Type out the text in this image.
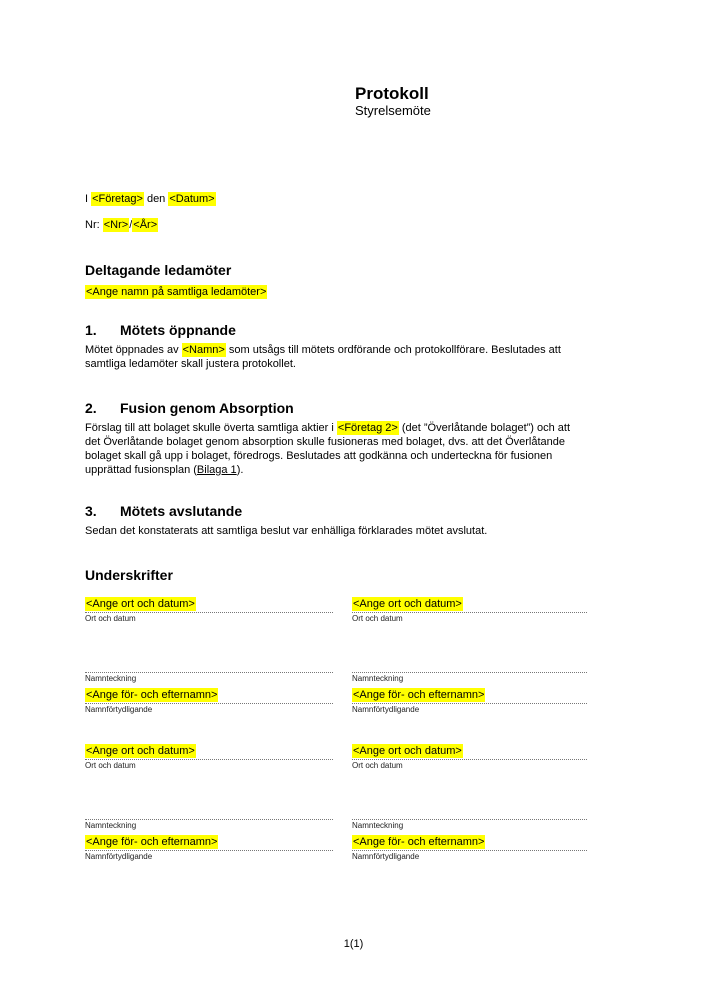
Protokoll
Styrelsemöte
I <Företag> den <Datum>
Nr: <Nr>/<År>
Deltagande ledamöter
<Ange namn på samtliga ledamöter>
1.	Mötets öppnande
Mötet öppnades av <Namn> som utsågs till mötets ordförande och protokollförare. Beslutades att
samtliga ledamöter skall justera protokollet.
2.	Fusion genom Absorption
Förslag till att bolaget skulle överta samtliga aktier i <Företag 2> (det ”Överlåtande bolaget”) och att
det Överlåtande bolaget genom absorption skulle fusioneras med bolaget, dvs. att det Överlåtande
bolaget skall gå upp i bolaget, föredrogs. Beslutades att godkänna och underteckna för fusionen
upprättad fusionsplan (Bilaga 1).
3.	Mötets avslutande
Sedan det konstaterats att samtliga beslut var enhälliga förklarades mötet avslutat.
Underskrifter
<Ange ort och datum>
Ort och datum
Namnteckning
<Ange för- och efternamn>
Namnförtydligande
<Ange ort och datum>
Ort och datum
Namnteckning
<Ange för- och efternamn>
Namnförtydligande
<Ange ort och datum>
Ort och datum
Namnteckning
<Ange för- och efternamn>
Namnförtydligande
<Ange ort och datum>
Ort och datum
Namnteckning
<Ange för- och efternamn>
Namnförtydligande
1(1)
